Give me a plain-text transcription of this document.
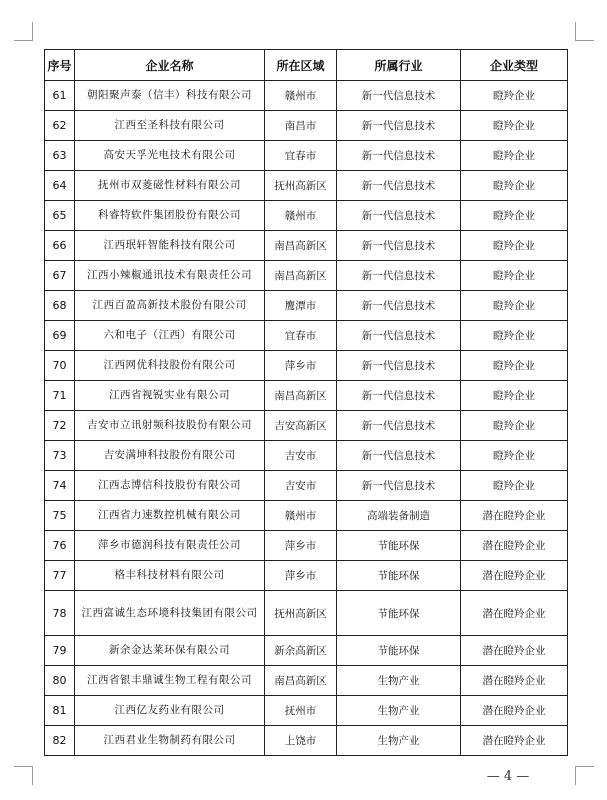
序号	企业名称	所在区域	所属行业	企业类型
61	朝阳聚声泰（信丰）科技有限公司	赣州市	新一代信息技术	瞪羚企业
62	江西至圣科技有限公司	南昌市	新一代信息技术	瞪羚企业
63	高安天孚光电技术有限公司	宜春市	新一代信息技术	瞪羚企业
64	抚州市双菱磁性材料有限公司	抚州高新区	新一代信息技术	瞪羚企业
65	科睿特软件集团股份有限公司	赣州市	新一代信息技术	瞪羚企业
66	江西珉轩智能科技有限公司	南昌高新区	新一代信息技术	瞪羚企业
67	江西小辣椒通讯技术有限责任公司	南昌高新区	新一代信息技术	瞪羚企业
68	江西百盈高新技术股份有限公司	鹰潭市	新一代信息技术	瞪羚企业
69	六和电子（江西）有限公司	宜春市	新一代信息技术	瞪羚企业
70	江西网优科技股份有限公司	萍乡市	新一代信息技术	瞪羚企业
71	江西省视锐实业有限公司	南昌高新区	新一代信息技术	瞪羚企业
72	吉安市立讯射频科技股份有限公司	吉安高新区	新一代信息技术	瞪羚企业
73	吉安满坤科技股份有限公司	吉安市	新一代信息技术	瞪羚企业
74	江西志博信科技股份有限公司	吉安市	新一代信息技术	瞪羚企业
75	江西省力速数控机械有限公司	赣州市	高端装备制造	潜在瞪羚企业
76	萍乡市德润科技有限责任公司	萍乡市	节能环保	潜在瞪羚企业
77	格丰科技材料有限公司	萍乡市	节能环保	潜在瞪羚企业
78	江西富诚生态环境科技集团有限公司	抚州高新区	节能环保	潜在瞪羚企业
79	新余金达莱环保有限公司	新余高新区	节能环保	潜在瞪羚企业
80	江西省银丰鼎诚生物工程有限公司	南昌高新区	生物产业	潜在瞪羚企业
81	江西亿友药业有限公司	抚州市	生物产业	潜在瞪羚企业
82	江西君业生物制药有限公司	上饶市	生物产业	潜在瞪羚企业
— 4 —
